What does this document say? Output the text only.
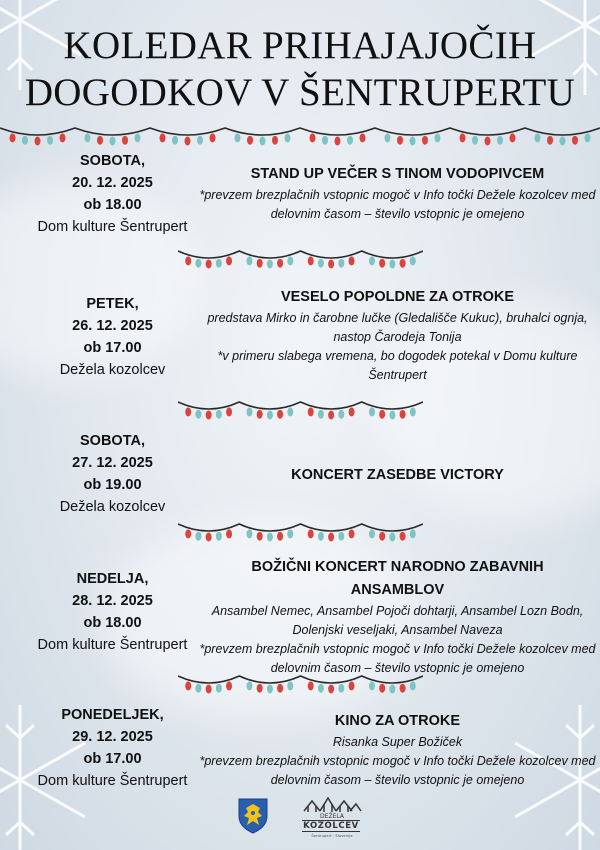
KOLEDAR PRIHAJAJOČIH
DOGODKOV V ŠENTRUPERTU
SOBOTA,
20. 12. 2025
ob 18.00
Dom kulture Šentrupert
STAND UP VEČER S TINOM VODOPIVCEM
*prevzem brezplačnih vstopnic mogoč v Info točki Dežele kozolcev med delovnim časom – število vstopnic je omejeno
PETEK,
26. 12. 2025
ob 17.00
Dežela kozolcev
VESELO POPOLDNE ZA OTROKE
predstava Mirko in čarobne lučke (Gledališče Kukuc), bruhalci ognja, nastop Čarodeja Tonija
*v primeru slabega vremena, bo dogodek potekal v Domu kulture Šentrupert
SOBOTA,
27. 12. 2025
ob 19.00
Dežela kozolcev
KONCERT ZASEDBE VICTORY
NEDELJA,
28. 12. 2025
ob 18.00
Dom kulture Šentrupert
BOŽIČNI KONCERT NARODNO ZABAVNIH
ANSAMBLOV
Ansambel Nemec, Ansambel Pojoči dohtarji, Ansambel Lozn Bodn, Dolenjski veseljaki, Ansambel Naveza
*prevzem brezplačnih vstopnic mogoč v Info točki Dežele kozolcev med delovnim časom – število vstopnic je omejeno
PONEDELJEK,
29. 12. 2025
ob 17.00
Dom kulture Šentrupert
KINO ZA OTROKE
Risanka Super Božiček
*prevzem brezplačnih vstopnic mogoč v Info točki Dežele kozolcev med delovnim časom – število vstopnic je omejeno
DEŽELA
KOZOLCEV
Šentrupert · Slovenija
